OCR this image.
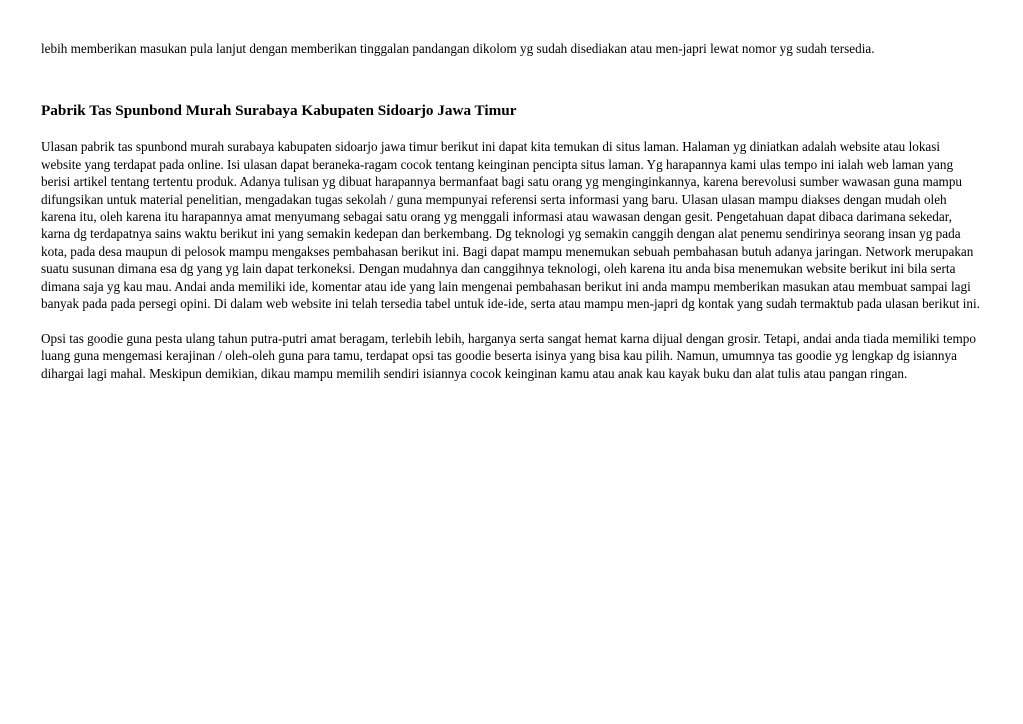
lebih memberikan masukan pula lanjut dengan memberikan tinggalan pandangan dikolom yg sudah disediakan atau men-japri lewat nomor yg sudah tersedia.

Pabrik Tas Spunbond Murah Surabaya Kabupaten Sidoarjo Jawa Timur

Ulasan pabrik tas spunbond murah surabaya kabupaten sidoarjo jawa timur berikut ini dapat kita temukan di situs laman. Halaman yg diniatkan adalah website atau lokasi website yang terdapat pada online. Isi ulasan dapat beraneka-ragam cocok tentang keinginan pencipta situs laman. Yg harapannya kami ulas tempo ini ialah web laman yang berisi artikel tentang tertentu produk. Adanya tulisan yg dibuat harapannya bermanfaat bagi satu orang yg menginginkannya, karena berevolusi sumber wawasan guna mampu difungsikan untuk material penelitian, mengadakan tugas sekolah / guna mempunyai referensi serta informasi yang baru. Ulasan ulasan mampu diakses dengan mudah oleh karena itu, oleh karena itu harapannya amat menyumang sebagai satu orang yg menggali informasi atau wawasan dengan gesit. Pengetahuan dapat dibaca darimana sekedar, karna dg terdapatnya sains waktu berikut ini yang semakin kedepan dan berkembang. Dg teknologi yg semakin canggih dengan alat penemu sendirinya seorang insan yg pada kota, pada desa maupun di pelosok mampu mengakses pembahasan berikut ini. Bagi dapat mampu menemukan sebuah pembahasan butuh adanya jaringan. Network merupakan suatu susunan dimana esa dg yang yg lain dapat terkoneksi. Dengan mudahnya dan canggihnya teknologi, oleh karena itu anda bisa menemukan website berikut ini bila serta dimana saja yg kau mau. Andai anda memiliki ide, komentar atau ide yang lain mengenai pembahasan berikut ini anda mampu memberikan masukan atau membuat sampai lagi banyak pada pada persegi opini. Di dalam web website ini telah tersedia tabel untuk ide-ide, serta atau mampu men-japri dg kontak yang sudah termaktub pada ulasan berikut ini.

Opsi tas goodie guna pesta ulang tahun putra-putri amat beragam, terlebih lebih, harganya serta sangat hemat karna dijual dengan grosir. Tetapi, andai anda tiada memiliki tempo luang guna mengemasi kerajinan / oleh-oleh guna para tamu, terdapat opsi tas goodie beserta isinya yang bisa kau pilih. Namun, umumnya tas goodie yg lengkap dg isiannya dihargai lagi mahal. Meskipun demikian, dikau mampu memilih sendiri isiannya cocok keinginan kamu atau anak kau kayak buku dan alat tulis atau pangan ringan.
